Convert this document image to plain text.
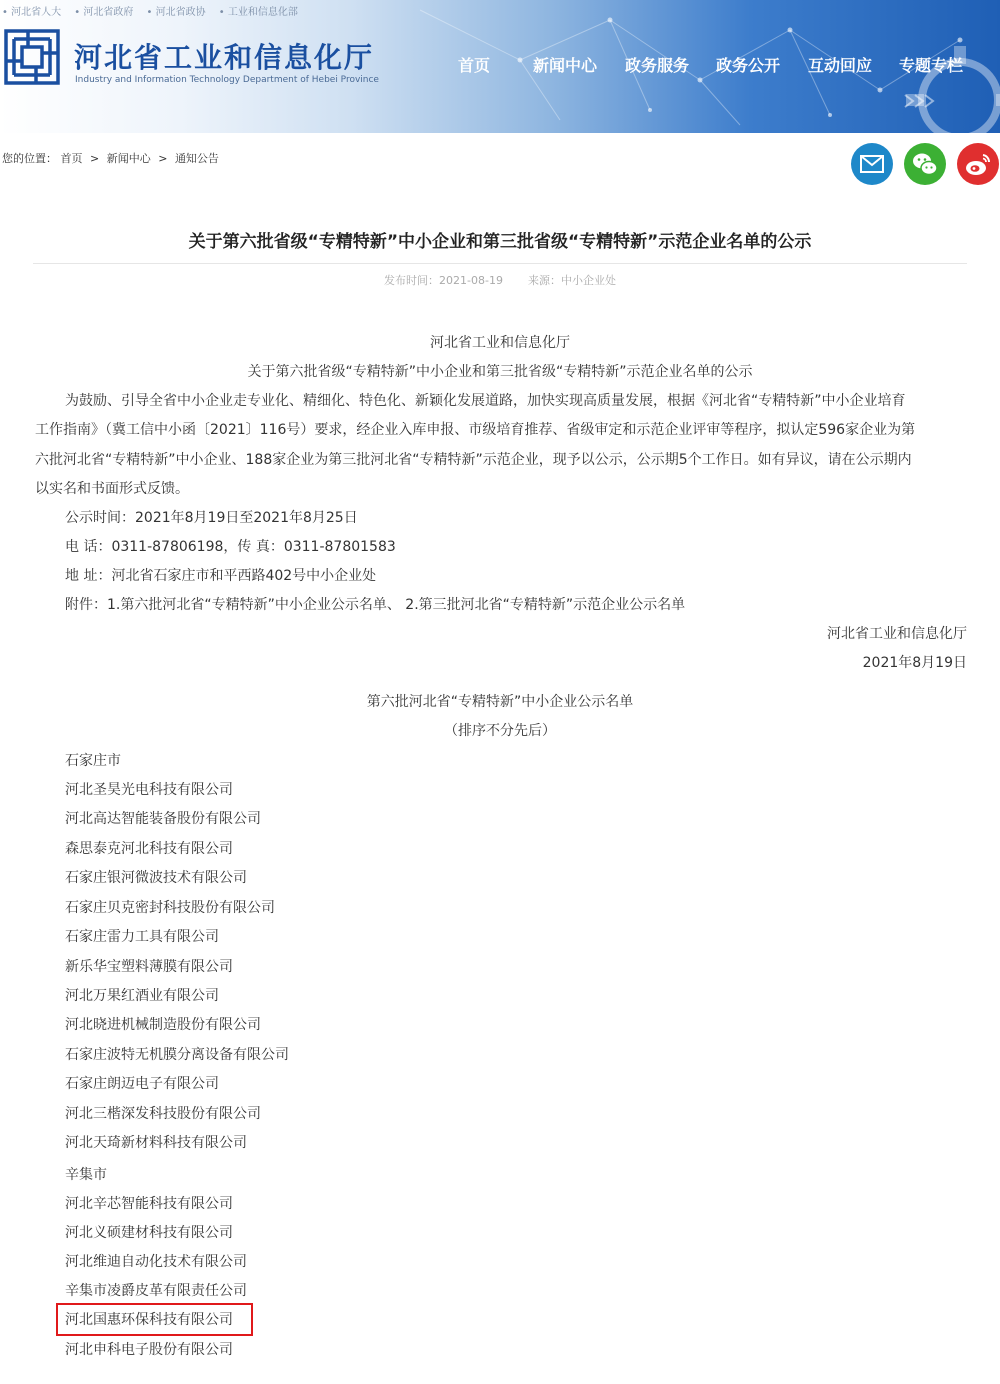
• 河北省人大 • 河北省政府 • 河北省政协 • 工业和信息化部
河北省工业和信息化厅
Industry and Information Technology Department of Hebei Province
首页	新闻中心 政务服务 政务公开 互动回应 专题专栏
您的位置： 首页 > 新闻中心 > 通知公告
关于第六批省级“专精特新”中小企业和第三批省级“专精特新”示范企业名单的公示
发布时间：2021-08-19 来源：中小企业处
河北省工业和信息化厅
关于第六批省级“专精特新”中小企业和第三批省级“专精特新”示范企业名单的公示
为鼓励、引导全省中小企业走专业化、精细化、特色化、新颖化发展道路，加快实现高质量发展，根据《河北省“专精特新”中小企业培育
工作指南》（冀工信中小函〔2021〕116号）要求，经企业入库申报、市级培育推荐、省级审定和示范企业评审等程序，拟认定596家企业为第
六批河北省“专精特新”中小企业、188家企业为第三批河北省“专精特新”示范企业，现予以公示，公示期5个工作日。如有异议，请在公示期内
以实名和书面形式反馈。
公示时间：2021年8月19日至2021年8月25日
电 话：0311-87806198，传 真：0311-87801583
地 址：河北省石家庄市和平西路402号中小企业处
附件：1.第六批河北省“专精特新”中小企业公示名单、 2.第三批河北省“专精特新”示范企业公示名单
河北省工业和信息化厅
2021年8月19日
第六批河北省“专精特新”中小企业公示名单
（排序不分先后）
石家庄市
河北圣昊光电科技有限公司
河北高达智能装备股份有限公司
森思泰克河北科技有限公司
石家庄银河微波技术有限公司
石家庄贝克密封科技股份有限公司
石家庄雷力工具有限公司
新乐华宝塑料薄膜有限公司
河北万果红酒业有限公司
河北晓进机械制造股份有限公司
石家庄波特无机膜分离设备有限公司
石家庄朗迈电子有限公司
河北三楷深发科技股份有限公司
河北天琦新材料科技有限公司
辛集市
河北辛芯智能科技有限公司
河北义硕建材科技有限公司
河北维迪自动化技术有限公司
辛集市凌爵皮革有限责任公司
河北国惠环保科技有限公司
河北申科电子股份有限公司
